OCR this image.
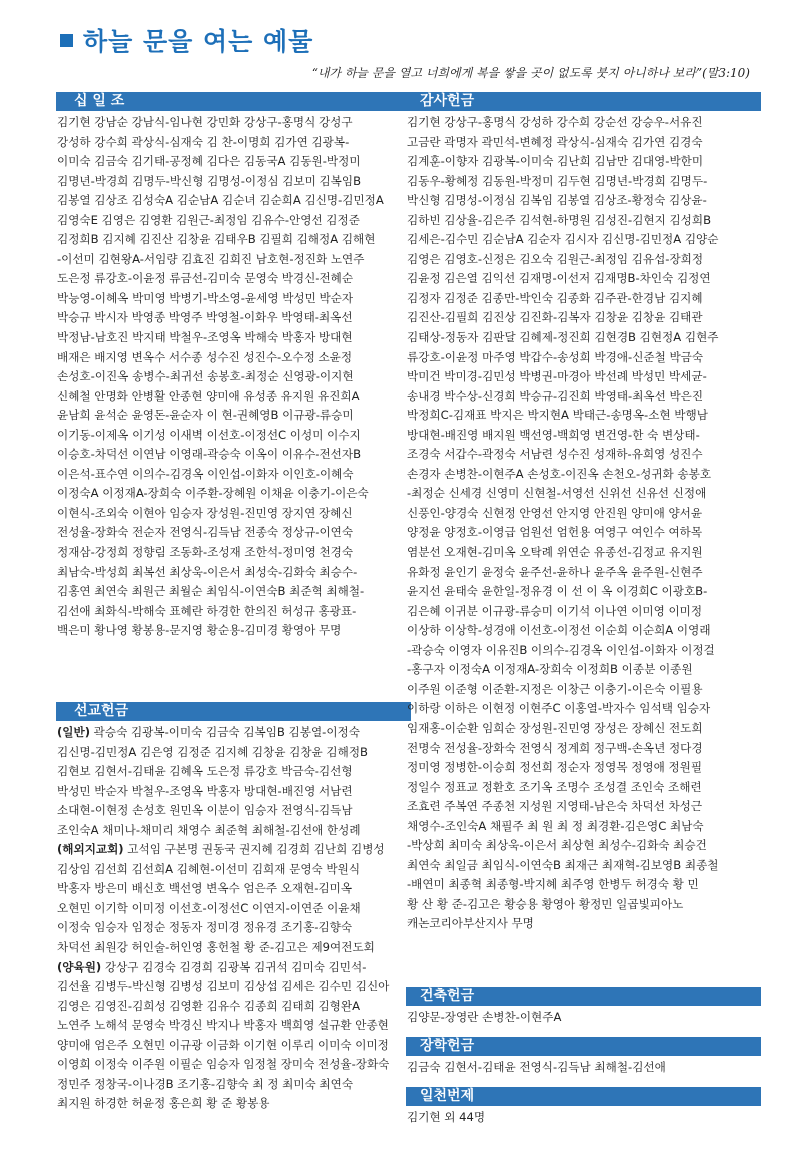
하늘 문을 여는 예물
“내가 하늘 문을 열고 너희에게 복을 쌓을 곳이 없도록 붓지 아니하나 보라”(말3:10)
십 일 조
김기현 강남순 강남식-임나현 강민화 강상구-홍명식 강성구
강성하 강수희 곽상식-심재숙 김 찬-이명희 김가연 김광복-
이미숙 김금숙 김기태-공정혜 김다은 김동국A 김동원-박정미
김명년-박경희 김명두-박신형 김명성-이정심 김보미 김복임B
김봉열 김상조 김성숙A 김순남A 김순녀 김순희A 김신명-김민정A
김영숙E 김영은 김영환 김원근-최정임 김유수-안영선 김정준
김정희B 김지혜 김진산 김창윤 김태우B 김필희 김해정A 김해현
-이선미 김현왕A-서임량 김효진 김희진 남호현-정진화 노연주
도은정 류강호-이윤정 류금선-김미숙 문영숙 박경신-전혜순
박능영-이혜옥 박미영 박병기-박소영-윤세영 박성민 박순자
박승규 박시자 박영종 박영주 박영철-이화우 박영태-최옥선
박정남-남호진 박지태 박철우-조영옥 박해숙 박홍자 방대현
배재은 배지영 변옥수 서수종 성수진 성진수-오수정 소윤정
손성호-이진옥 송병수-최귀선 송봉호-최정순 신영광-이지현
신혜철 안명화 안병활 안종현 양미애 유성종 유지원 유진희A
윤남희 윤석순 윤영돈-윤순자 이 현-권혜영B 이규광-류승미
이기동-이제옥 이기성 이새벽 이선호-이정선C 이성미 이수지
이승호-차덕선 이연남 이영래-곽승숙 이옥이 이유수-전선자B
이은석-표수연 이의수-김경옥 이인섭-이화자 이인호-이혜숙
이정숙A 이정재A-장희숙 이주환-장혜원 이채윤 이충기-이은숙
이현식-조외숙 이현아 임승자 장성원-진민영 장지연 장혜신
전성율-장화숙 전순자 전영식-김득남 전종숙 정상규-이연숙
정재삼-강정희 정향림 조동화-조성재 조한석-정미영 천경숙
최남숙-박성희 최복선 최상욱-이은서 최성숙-김화숙 최승수-
김홍연 최연숙 최원근 최월순 최임식-이연숙B 최준혁 최해철-
김선애 최화식-박해숙 표혜란 하경한 한의진 허성규 홍광표-
백은미 황나영 황봉용-문지영 황순용-김미경 황영아 무명
선교헌금
(일반) 곽승숙 김광복-이미숙 김금숙 김복임B 김봉열-이정숙
김신명-김민정A 김은영 김정준 김지혜 김창윤 김창윤 김해정B
김현보 김현서-김태윤 김혜옥 도은정 류강호 박금숙-김선형
박성민 박순자 박철우-조영옥 박홍자 방대현-배진영 서남련
소대현-이현정 손성호 원민옥 이분이 임승자 전영식-김득남
조인숙A 채미나-채미리 채영수 최준혁 최해철-김선애 한성례
(해외지교회) 고석임 구본명 권동국 권지혜 김경희 김난희 김병성
김상임 김선희 김선희A 김혜현-이선미 김희재 문영숙 박원식
박홍자 방은미 배신호 백선영 변옥수 엄은주 오재현-김미옥
오현민 이기학 이미정 이선호-이정선C 이연지-이연준 이윤채
이정숙 임승자 임정순 정동자 정미경 정유경 조기홍-김향숙
차덕선 최원강 허인술-허인영 홍헌철 황 준-김고은 제9여전도회
(양육원) 강상구 김경숙 김경희 김광복 김귀석 김미숙 김민석-
김선율 김병두-박신형 김병성 김보미 김상섭 김세은 김수민 김신아
김영은 김영진-김희성 김영환 김유수 김종희 김태희 김형완A
노연주 노해석 문영숙 박경신 박지나 박홍자 백희영 설규환 안종현
양미애 엄은주 오현민 이규광 이금화 이기현 이루리 이미숙 이미정
이영희 이정숙 이주원 이필순 임승자 임정철 장미숙 전성율-장화숙
정민주 정창국-이나경B 조기홍-김향숙 최 정 최미숙 최연숙
최지원 하경한 허윤정 홍은희 황 준 황봉용
감사헌금
김기현 강상구-홍명식 강성하 강수희 강순선 강승우-서유진
고금란 곽명자 곽민석-변혜정 곽상식-심재숙 김가연 김경숙
김계훈-이향자 김광복-이미숙 김난희 김남만 김대영-박한미
김동우-황혜정 김동원-박정미 김두현 김명년-박경희 김명두-
박신형 김명성-이정심 김복임 김봉열 김상조-황정숙 김상윤-
김하빈 김상율-김은주 김석현-하명원 김성진-김현지 김성희B
김세은-김수민 김순남A 김순자 김시자 김신명-김민정A 김양순
김영은 김영호-신정은 김오숙 김원근-최정임 김유섭-장희정
김윤정 김은열 김익선 김재명-이선저 김재명B-차인숙 김정연
김정자 김정준 김종만-박인숙 김종화 김주관-한경남 김지혜
김진산-김필희 김진상 김진화-김복자 김창윤 김창윤 김태관
김태상-정동자 김판달 김혜제-정진희 김현경B 김현정A 김현주
류강호-이윤정 마주영 박갑수-송성희 박경애-신준철 박금숙
박미건 박미경-김민성 박병권-마경아 박선례 박성민 박세균-
송내경 박수상-신경희 박승규-김진희 박영태-최옥선 박은진
박정희C-김재표 박지은 박지현A 박태근-송명옥-소현 박행남
방대현-배진영 배지원 백선영-백희영 변건영-한 숙 변상태-
조경숙 서갑수-곽정숙 서남련 성수진 성재하-유희영 성진수
손경자 손병찬-이현주A 손성호-이진옥 손천오-성귀화 송봉호
-최정순 신세경 신영미 신현철-서영선 신위선 신유선 신정애
신풍인-양경숙 신현정 안영선 안지영 안진원 양미애 양서윤
양정윤 양정호-이영급 엄원선 엄헌용 여영구 여인수 여하목
염분선 오재현-김미옥 오탁례 위연순 유종선-김정교 유지원
유화정 윤인기 윤정숙 윤주선-윤하나 윤주옥 윤주원-신현주
윤지선 윤태숙 윤한일-정유경 이 선 이 옥 이경희C 이광호B-
김은혜 이귀분 이규광-류승미 이기석 이나연 이미영 이미정
이상하 이상학-성경애 이선호-이정선 이순희 이순희A 이영래
-곽승숙 이영자 이유진B 이의수-김경옥 이인섭-이화자 이정걸
-홍구자 이정숙A 이정재A-장희숙 이정희B 이종분 이종원
이주원 이준형 이준환-지정은 이창근 이충기-이은숙 이필용
이하랑 이하은 이현정 이현주C 이홍열-박자수 임석택 임승자
임재홍-이순환 임희순 장성원-진민영 장성은 장혜신 전도희
전명숙 전성율-장화숙 전영식 정계희 정구백-손옥년 정다경
정미영 정병한-이승희 정선희 정순자 정영목 정영애 정원필
정일수 정표교 정환호 조기옥 조명수 조성결 조인숙 조해련
조효련 주복연 주종천 지성원 지영태-남은숙 차덕선 차성근
채영수-조인숙A 채필주 최 원 최 정 최경환-김은영C 최남숙
-박상희 최미숙 최상욱-이은서 최상현 최성수-김화숙 최승건
최연숙 최일금 최임식-이연숙B 최재근 최재혁-김보영B 최종철
-배연미 최종혁 최종형-박지혜 최주영 한병두 허경숙 황 민
황 산 황 준-김고은 황승용 황영아 황정민 일곱빛피아노
캐논코리아부산지사 무명
건축헌금
김양문-장영란 손병찬-이현주A
장학헌금
김금숙 김현서-김태윤 전영식-김득남 최해철-김선애
일천번제
김기현 외 44명
